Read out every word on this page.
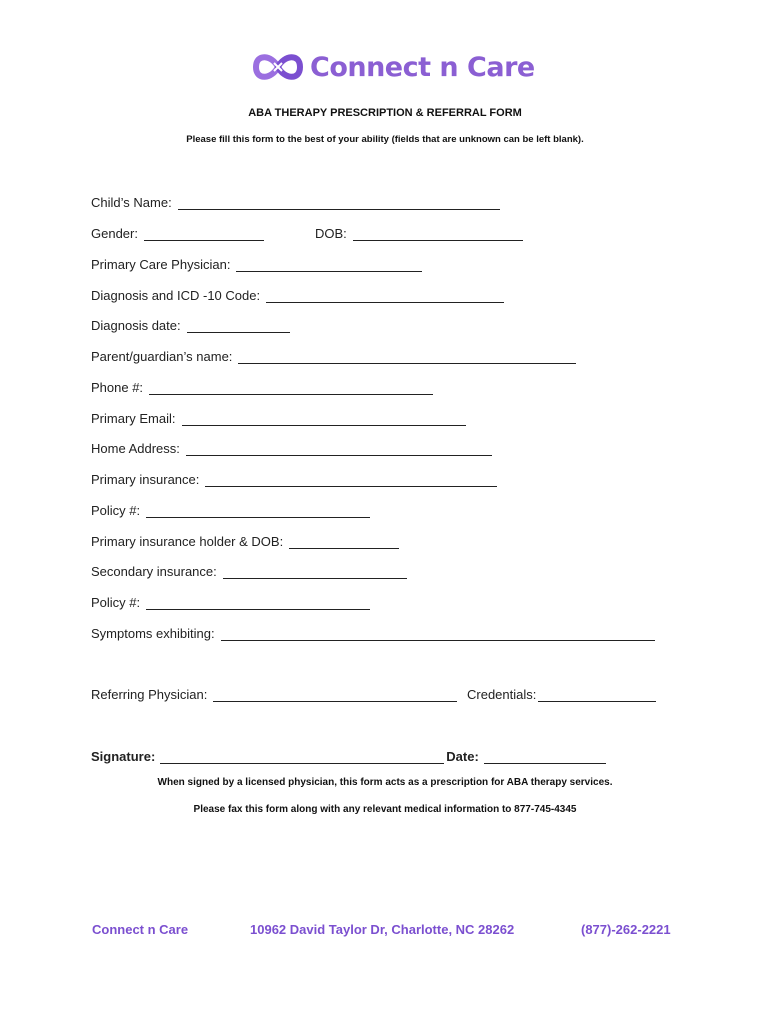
Connect n Care
ABA THERAPY PRESCRIPTION & REFERRAL FORM
Please fill this form to the best of your ability (fields that are unknown can be left blank).
Child’s Name:
Gender:	DOB:
Primary Care Physician:
Diagnosis and ICD -10 Code:
Diagnosis date:
Parent/guardian’s name:
Phone #:
Primary Email:
Home Address:
Primary insurance:
Policy #:
Primary insurance holder & DOB:
Secondary insurance:
Policy #:
Symptoms exhibiting:
Referring Physician:	Credentials:
Signature:	Date:
When signed by a licensed physician, this form acts as a prescription for ABA therapy services.
Please fax this form along with any relevant medical information to 877-745-4345
Connect n Care	10962 David Taylor Dr, Charlotte, NC 28262	(877)-262-2221
